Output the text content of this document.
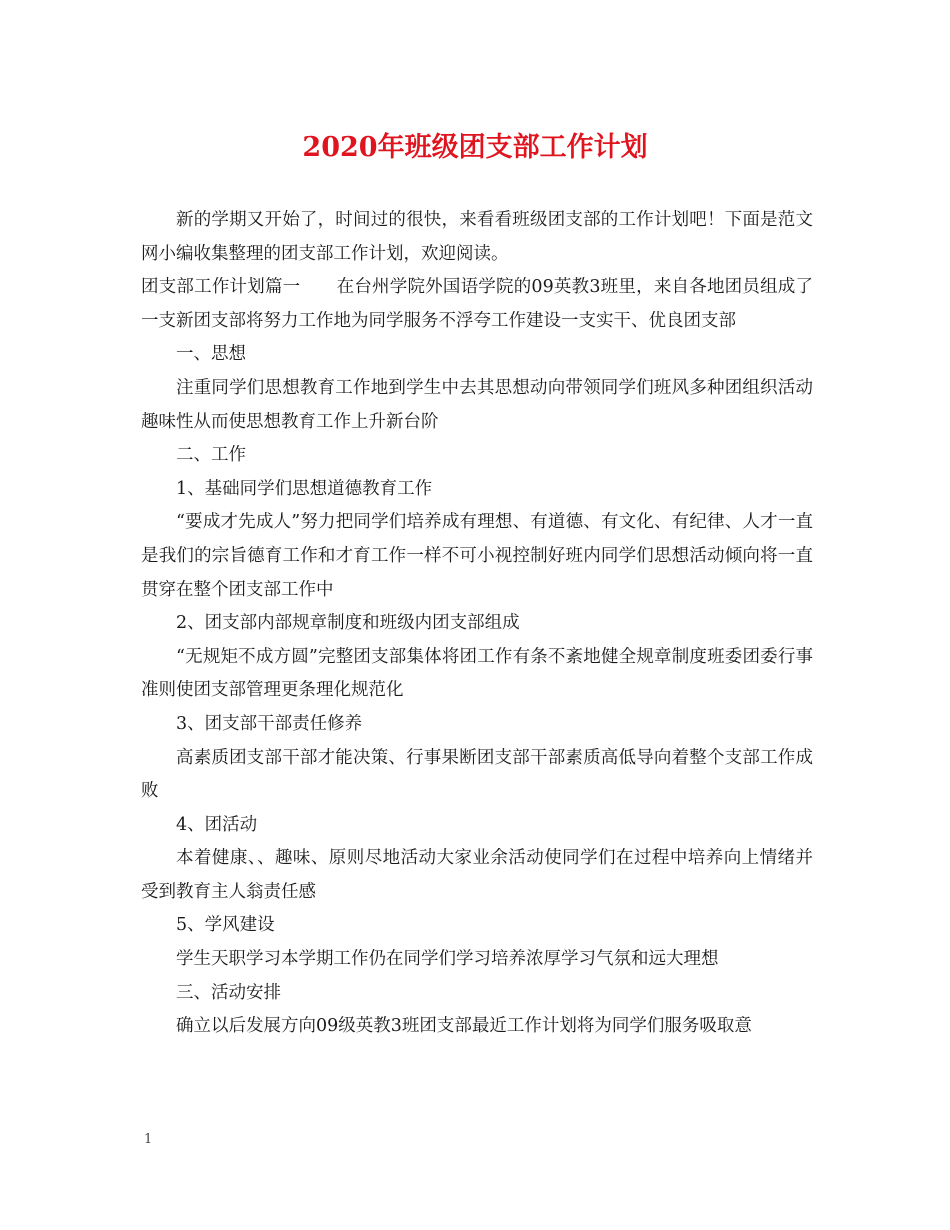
2020年班级团支部工作计划

新的学期又开始了，时间过的很快，来看看班级团支部的工作计划吧！下面是范文网小编收集整理的团支部工作计划，欢迎阅读。

团支部工作计划篇一 在台州学院外国语学院的09英教3班里，来自各地团员组成了一支新团支部将努力工作地为同学服务不浮夸工作建设一支实干、优良团支部

一、思想

注重同学们思想教育工作地到学生中去其思想动向带领同学们班风多种团组织活动趣味性从而使思想教育工作上升新台阶

二、工作

1、基础同学们思想道德教育工作

“要成才先成人”努力把同学们培养成有理想、有道德、有文化、有纪律、人才一直是我们的宗旨德育工作和才育工作一样不可小视控制好班内同学们思想活动倾向将一直贯穿在整个团支部工作中

2、团支部内部规章制度和班级内团支部组成

“无规矩不成方圆”完整团支部集体将团工作有条不紊地健全规章制度班委团委行事准则使团支部管理更条理化规范化

3、团支部干部责任修养

高素质团支部干部才能决策、行事果断团支部干部素质高低导向着整个支部工作成败

4、团活动

本着健康、、趣味、原则尽地活动大家业余活动使同学们在过程中培养向上情绪并受到教育主人翁责任感

5、学风建设

学生天职学习本学期工作仍在同学们学习培养浓厚学习气氛和远大理想

三、活动安排

确立以后发展方向09级英教3班团支部最近工作计划将为同学们服务吸取意

1
